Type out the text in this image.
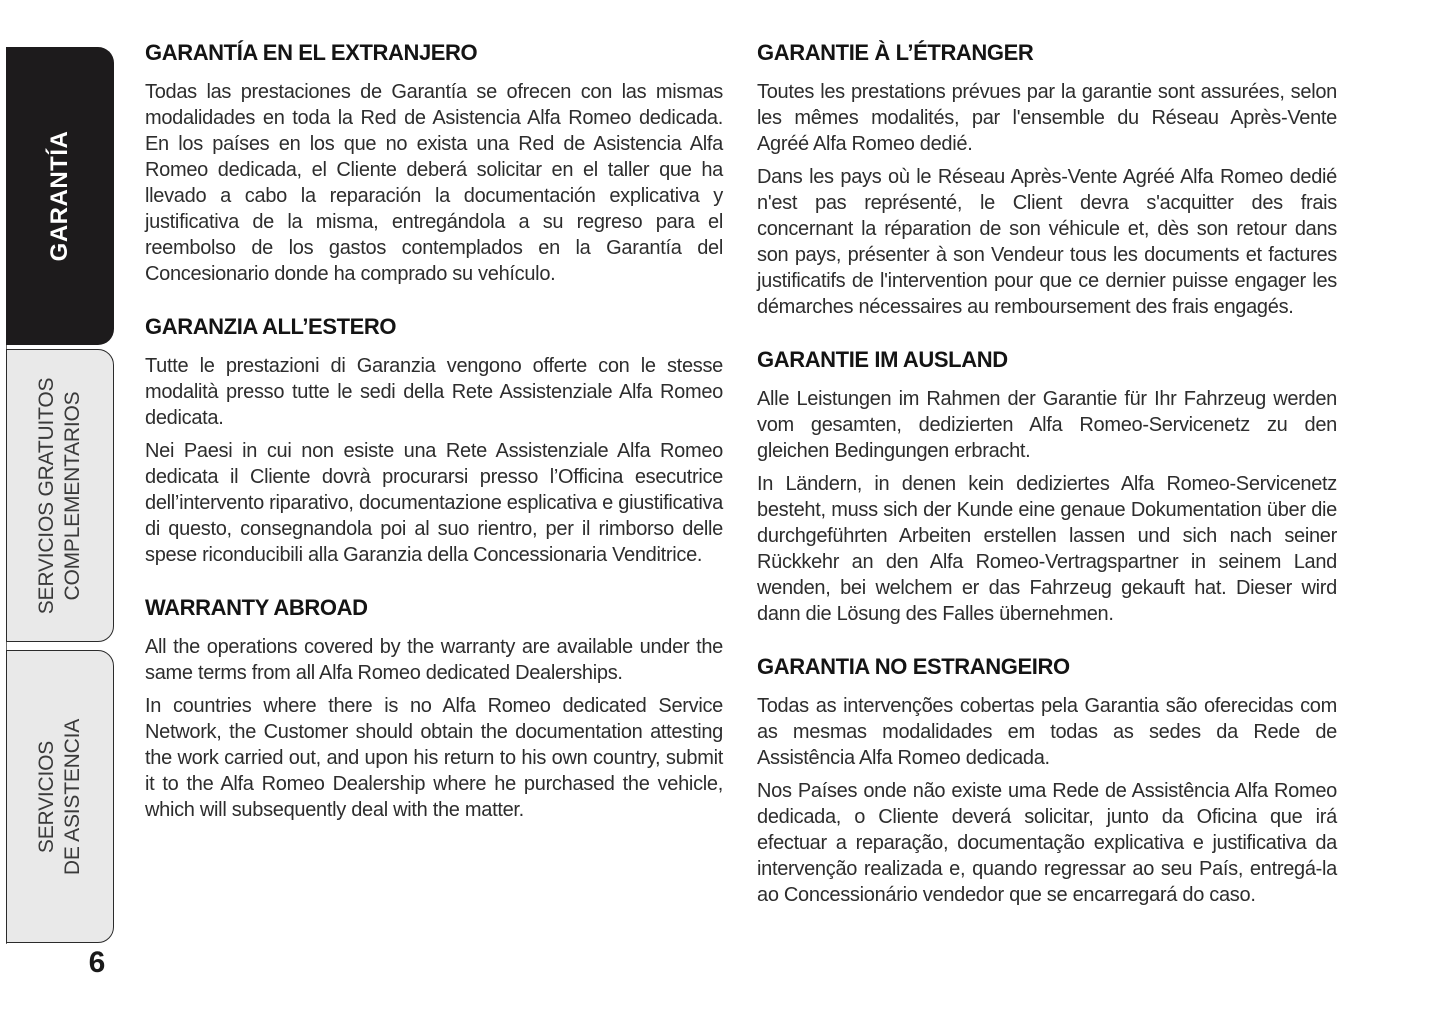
GARANTÍA
SERVICIOS GRATUITOS COMPLEMENTARIOS
SERVICIOS DE ASISTENCIA
6
GARANTÍA EN EL EXTRANJERO

Todas las prestaciones de Garantía se ofrecen con las mismas modalidades en toda la Red de Asistencia Alfa Romeo dedicada. En los países en los que no exista una Red de Asistencia Alfa Romeo dedicada, el Cliente deberá solicitar en el taller que ha llevado a cabo la reparación la documentación explicativa y justificativa de la misma, entregándola a su regreso para el reembolso de los gastos contemplados en la Garantía del Concesionario donde ha comprado su vehículo.

GARANZIA ALL’ESTERO

Tutte le prestazioni di Garanzia vengono offerte con le stesse modalità presso tutte le sedi della Rete Assistenziale Alfa Romeo dedicata.

Nei Paesi in cui non esiste una Rete Assistenziale Alfa Romeo dedicata il Cliente dovrà procurarsi presso l’Officina esecutrice dell’intervento riparativo, documentazione esplicativa e giustificativa di questo, consegnandola poi al suo rientro, per il rimborso delle spese riconducibili alla Garanzia della Concessionaria Venditrice.

WARRANTY ABROAD

All the operations covered by the warranty are available under the same terms from all Alfa Romeo dedicated Dealerships.

In countries where there is no Alfa Romeo dedicated Service Network, the Customer should obtain the documentation attesting the work carried out, and upon his return to his own country, submit it to the Alfa Romeo Dealership where he purchased the vehicle, which will subsequently deal with the matter.

GARANTIE À L’ÉTRANGER

Toutes les prestations prévues par la garantie sont assurées, selon les mêmes modalités, par l'ensemble du Réseau Après-Vente Agréé Alfa Romeo dedié.

Dans les pays où le Réseau Après-Vente Agréé Alfa Romeo dedié n'est pas représenté, le Client devra s'acquitter des frais concernant la réparation de son véhicule et, dès son retour dans son pays, présenter à son Vendeur tous les documents et factures justificatifs de l'intervention pour que ce dernier puisse engager les démarches nécessaires au remboursement des frais engagés.

GARANTIE IM AUSLAND

Alle Leistungen im Rahmen der Garantie für Ihr Fahrzeug werden vom gesamten, dedizierten Alfa Romeo-Servicenetz zu den gleichen Bedingungen erbracht.

In Ländern, in denen kein dediziertes Alfa Romeo-Servicenetz besteht, muss sich der Kunde eine genaue Dokumentation über die durchgeführten Arbeiten erstellen lassen und sich nach seiner Rückkehr an den Alfa Romeo-Vertragspartner in seinem Land wenden, bei welchem er das Fahrzeug gekauft hat. Dieser wird dann die Lösung des Falles übernehmen.

GARANTIA NO ESTRANGEIRO

Todas as intervenções cobertas pela Garantia são oferecidas com as mesmas modalidades em todas as sedes da Rede de Assistência Alfa Romeo dedicada.

Nos Países onde não existe uma Rede de Assistência Alfa Romeo dedicada, o Cliente deverá solicitar, junto da Oficina que irá efectuar a reparação, documentação explicativa e justificativa da intervenção realizada e, quando regressar ao seu País, entregá-la ao Concessionário vendedor que se encarregará do caso.
